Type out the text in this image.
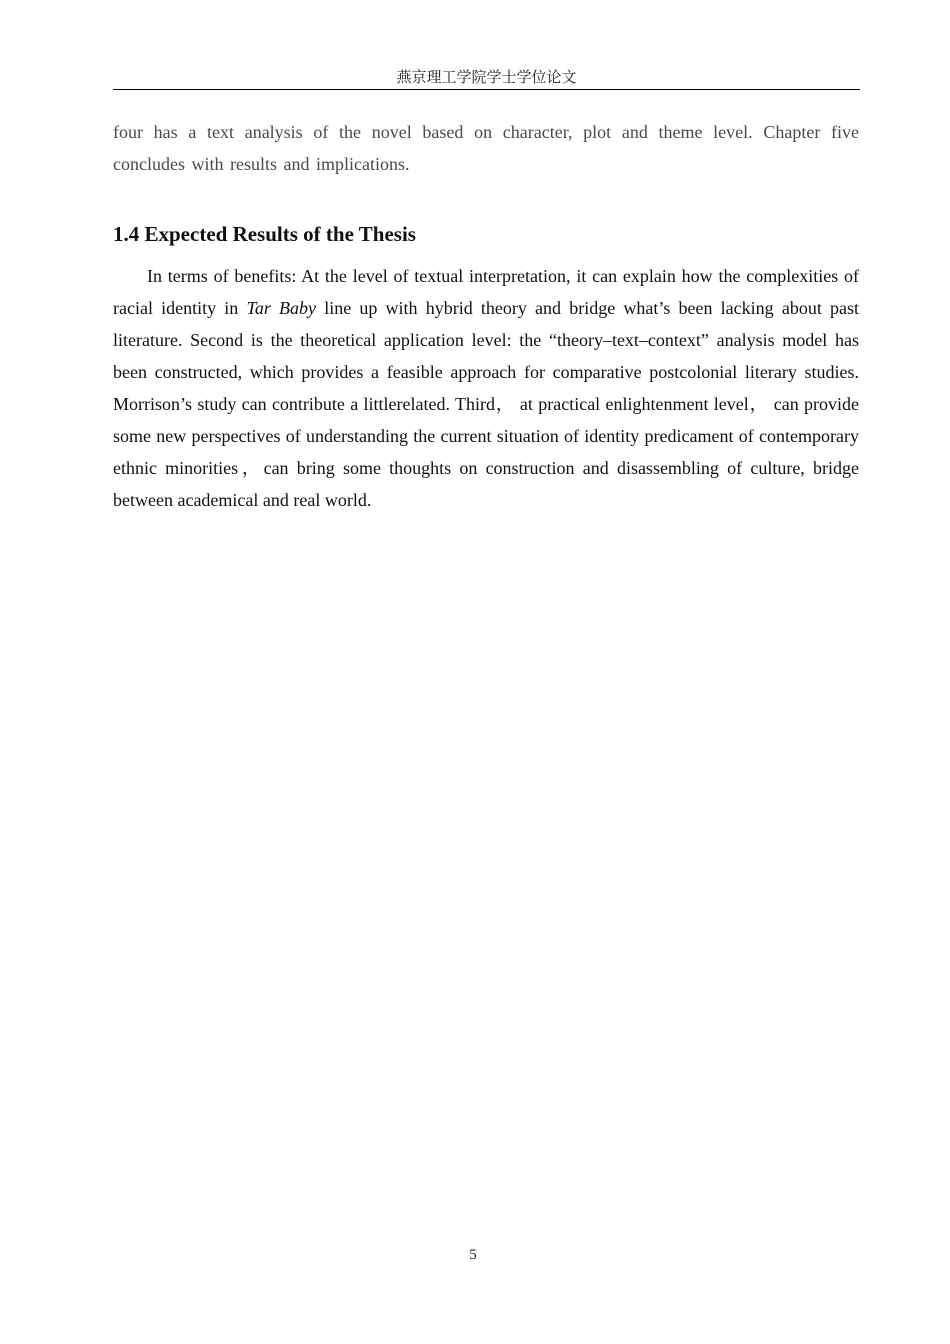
燕京理工学院学士学位论文

four has a text analysis of the novel based on character, plot and theme level. Chapter five concludes with results and implications.

1.4 Expected Results of the Thesis

In terms of benefits: At the level of textual interpretation, it can explain how the complexities of racial identity in Tar Baby line up with hybrid theory and bridge what’s been lacking about past literature. Second is the theoretical application level: the “theory–text–context” analysis model has been constructed, which provides a feasible approach for comparative postcolonial literary studies. Morrison’s study can contribute a littlerelated. Third， at practical enlightenment level， can provide some new perspectives of understanding the current situation of identity predicament of contemporary ethnic minorities，can bring some thoughts on construction and disassembling of culture, bridge between academical and real world.

5
